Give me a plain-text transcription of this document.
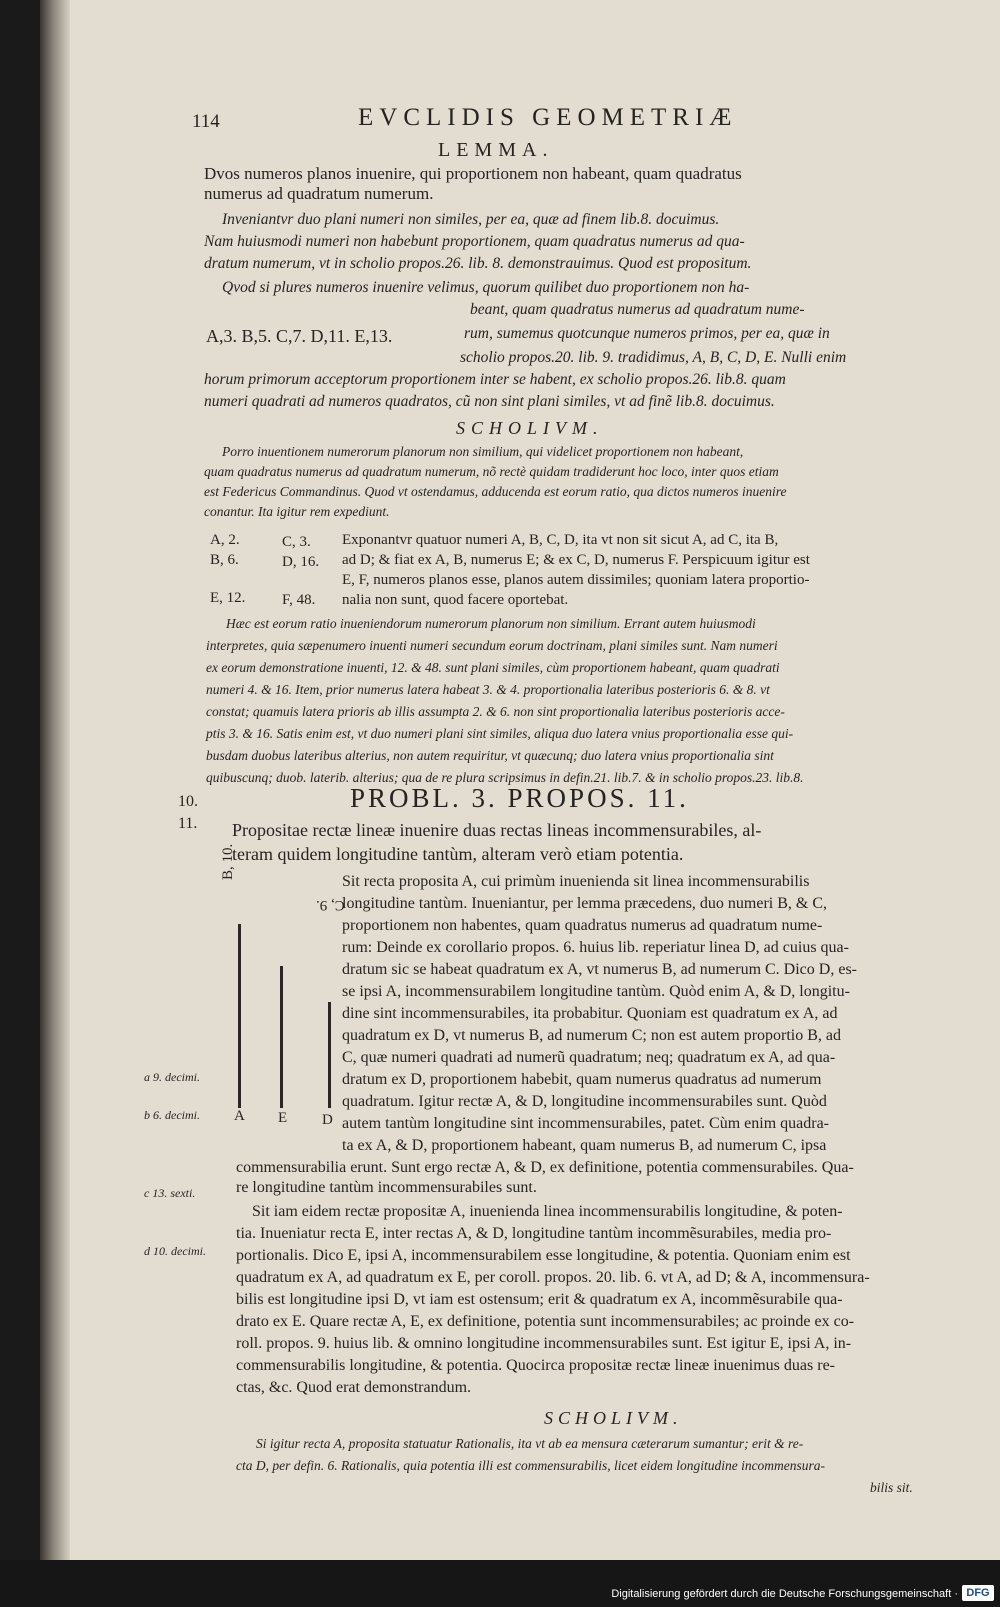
114	EVCLIDIS GEOMETRIÆ
LEMMA.
Dvos numeros planos inuenire, qui proportionem non habeant, quam quadratus
numerus ad quadratum numerum.
Inveniantvr duo plani numeri non similes, per ea, quæ ad finem lib.8. docuimus.
Nam huiusmodi numeri non habebunt proportionem, quam quadratus numerus ad qua-
dratum numerum, vt in scholio propos.26. lib. 8. demonstrauimus. Quod est propositum.
Qvod si plures numeros inuenire velimus, quorum quilibet duo proportionem non ha-
beant, quam quadratus numerus ad quadratum nume-
A,3. B,5. C,7. D,11. E,13.	rum, sumemus quotcunque numeros primos, per ea, quæ in
scholio propos.20. lib. 9. tradidimus, A, B, C, D, E. Nulli enim
horum primorum acceptorum proportionem inter se habent, ex scholio propos.26. lib.8. quam
numeri quadrati ad numeros quadratos, cũ non sint plani similes, vt ad finẽ lib.8. docuimus.
SCHOLIVM.
Porro inuentionem numerorum planorum non similium, qui videlicet proportionem non habeant,
quam quadratus numerus ad quadratum numerum, nõ rectè quidam tradiderunt hoc loco, inter quos etiam
est Federicus Commandinus. Quod vt ostendamus, adducenda est eorum ratio, qua dictos numeros inuenire
conantur. Ita igitur rem expediunt.
A, 2.
B, 6.
E, 12.
C, 3.
D, 16.
F, 48.
Exponantvr quatuor numeri A, B, C, D, ita vt non sit sicut A, ad C, ita B,
ad D; & fiat ex A, B, numerus E; & ex C, D, numerus F. Perspicuum igitur est
E, F, numeros planos esse, planos autem dissimiles; quoniam latera proportio-
nalia non sunt, quod facere oportebat.
Hæc est eorum ratio inueniendorum numerorum planorum non similium. Errant autem huiusmodi
interpretes, quia sæpenumero inuenti numeri secundum eorum doctrinam, plani similes sunt. Nam numeri
ex eorum demonstratione inuenti, 12. & 48. sunt plani similes, cùm proportionem habeant, quam quadrati
numeri 4. & 16. Item, prior numerus latera habeat 3. & 4. proportionalia lateribus posterioris 6. & 8. vt
constat; quamuis latera prioris ab illis assumpta 2. & 6. non sint proportionalia lateribus posterioris acce-
ptis 3. & 16. Satis enim est, vt duo numeri plani sint similes, aliqua duo latera vnius proportionalia esse qui-
busdam duobus lateribus alterius, non autem requiritur, vt quæcunq; duo latera vnius proportionalia sint
quibuscunq; duob. laterib. alterius; qua de re plura scripsimus in defin.21. lib.7. & in scholio propos.23. lib.8.
10.
11.
PROBL. 3. PROPOS. 11.
Propositae rectæ lineæ inuenire duas rectas lineas incommensurabiles, al-
teram quidem longitudine tantùm, alteram verò etiam potentia.
B, 10.
C, 9.
A E D
a 9. decimi.
b 6. decimi.
c 13. sexti.
d 10. decimi.
Sit recta proposita A, cui primùm inuenienda sit linea incommensurabilis
longitudine tantùm. Inueniantur, per lemma præcedens, duo numeri B, & C,
proportionem non habentes, quam quadratus numerus ad quadratum nume-
rum: Deinde ex corollario propos. 6. huius lib. reperiatur linea D, ad cuius qua-
dratum sic se habeat quadratum ex A, vt numerus B, ad numerum C. Dico D, es-
se ipsi A, incommensurabilem longitudine tantùm. Quòd enim A, & D, longitu-
dine sint incommensurabiles, ita probabitur. Quoniam est quadratum ex A, ad
quadratum ex D, vt numerus B, ad numerum C; non est autem proportio B, ad
C, quæ numeri quadrati ad numerũ quadratum; neq; quadratum ex A, ad qua-
dratum ex D, proportionem habebit, quam numerus quadratus ad numerum
quadratum. Igitur rectæ A, & D, longitudine incommensurabiles sunt. Quòd
autem tantùm longitudine sint incommensurabiles, patet. Cùm enim quadra-
ta ex A, & D, proportionem habeant, quam numerus B, ad numerum C, ipsa
commensurabilia erunt. Sunt ergo rectæ A, & D, ex definitione, potentia commensurabiles. Qua-
re longitudine tantùm incommensurabiles sunt.
Sit iam eidem rectæ propositæ A, inuenienda linea incommensurabilis longitudine, & poten-
tia. Inueniatur recta E, inter rectas A, & D, longitudine tantùm incommẽsurabiles, media pro-
portionalis. Dico E, ipsi A, incommensurabilem esse longitudine, & potentia. Quoniam enim est
quadratum ex A, ad quadratum ex E, per coroll. propos. 20. lib. 6. vt A, ad D; & A, incommensura-
bilis est longitudine ipsi D, vt iam est ostensum; erit & quadratum ex A, incommẽsurabile qua-
drato ex E. Quare rectæ A, E, ex definitione, potentia sunt incommensurabiles; ac proinde ex co-
roll. propos. 9. huius lib. & omnino longitudine incommensurabiles sunt. Est igitur E, ipsi A, in-
commensurabilis longitudine, & potentia. Quocirca propositæ rectæ lineæ inuenimus duas re-
ctas, &c. Quod erat demonstrandum.
SCHOLIVM.
Si igitur recta A, proposita statuatur Rationalis, ita vt ab ea mensura cæterarum sumantur; erit & re-
cta D, per defin. 6. Rationalis, quia potentia illi est commensurabilis, licet eidem longitudine incommensura-
bilis sit.
Digitalisierung gefördert durch die Deutsche Forschungsgemeinschaft · DFG
